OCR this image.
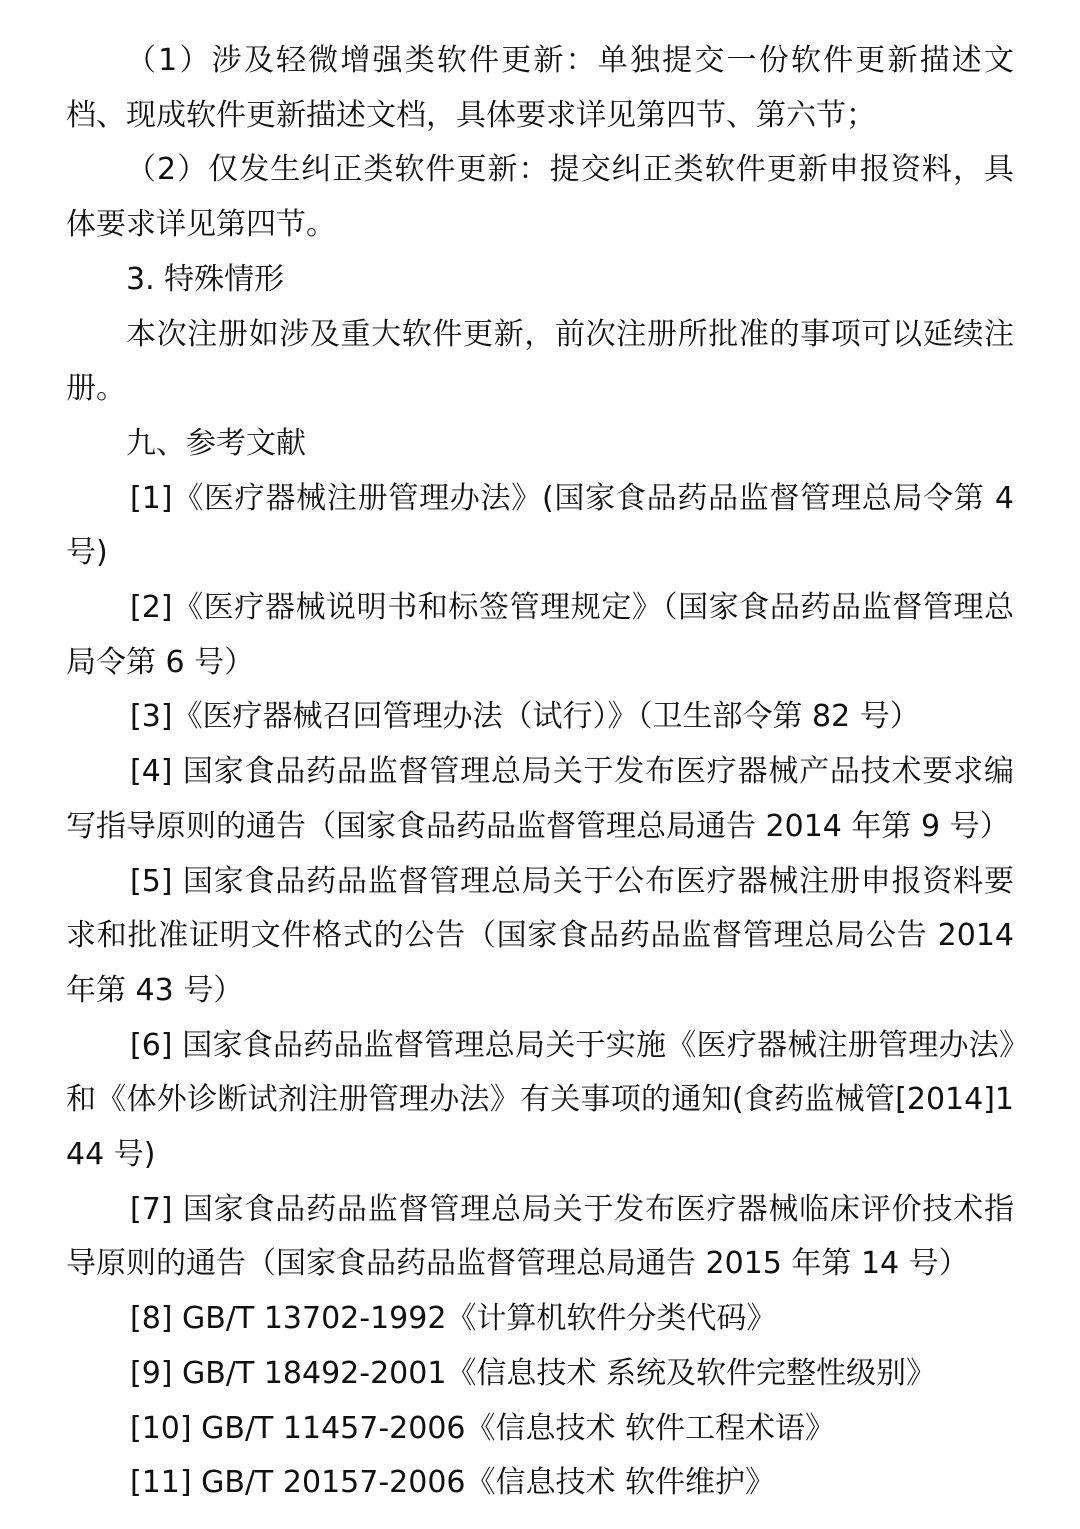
（1）涉及轻微增强类软件更新：单独提交一份软件更新描述文档、现成软件更新描述文档，具体要求详见第四节、第六节；

（2）仅发生纠正类软件更新：提交纠正类软件更新申报资料，具体要求详见第四节。

3. 特殊情形

本次注册如涉及重大软件更新，前次注册所批准的事项可以延续注册。

九、参考文献

[1]《医疗器械注册管理办法》(国家食品药品监督管理总局令第 4 号)

[2]《医疗器械说明书和标签管理规定》（国家食品药品监督管理总局令第 6 号）

[3]《医疗器械召回管理办法（试行）》（卫生部令第 82 号）

[4] 国家食品药品监督管理总局关于发布医疗器械产品技术要求编写指导原则的通告（国家食品药品监督管理总局通告 2014 年第 9 号）

[5] 国家食品药品监督管理总局关于公布医疗器械注册申报资料要求和批准证明文件格式的公告（国家食品药品监督管理总局公告 2014 年第 43 号）

[6] 国家食品药品监督管理总局关于实施《医疗器械注册管理办法》和《体外诊断试剂注册管理办法》有关事项的通知(食药监械管[2014]144 号)

[7] 国家食品药品监督管理总局关于发布医疗器械临床评价技术指导原则的通告（国家食品药品监督管理总局通告 2015 年第 14 号）

[8] GB/T 13702-1992《计算机软件分类代码》

[9] GB/T 18492-2001《信息技术 系统及软件完整性级别》

[10] GB/T 11457-2006《信息技术 软件工程术语》

[11] GB/T 20157-2006《信息技术 软件维护》
